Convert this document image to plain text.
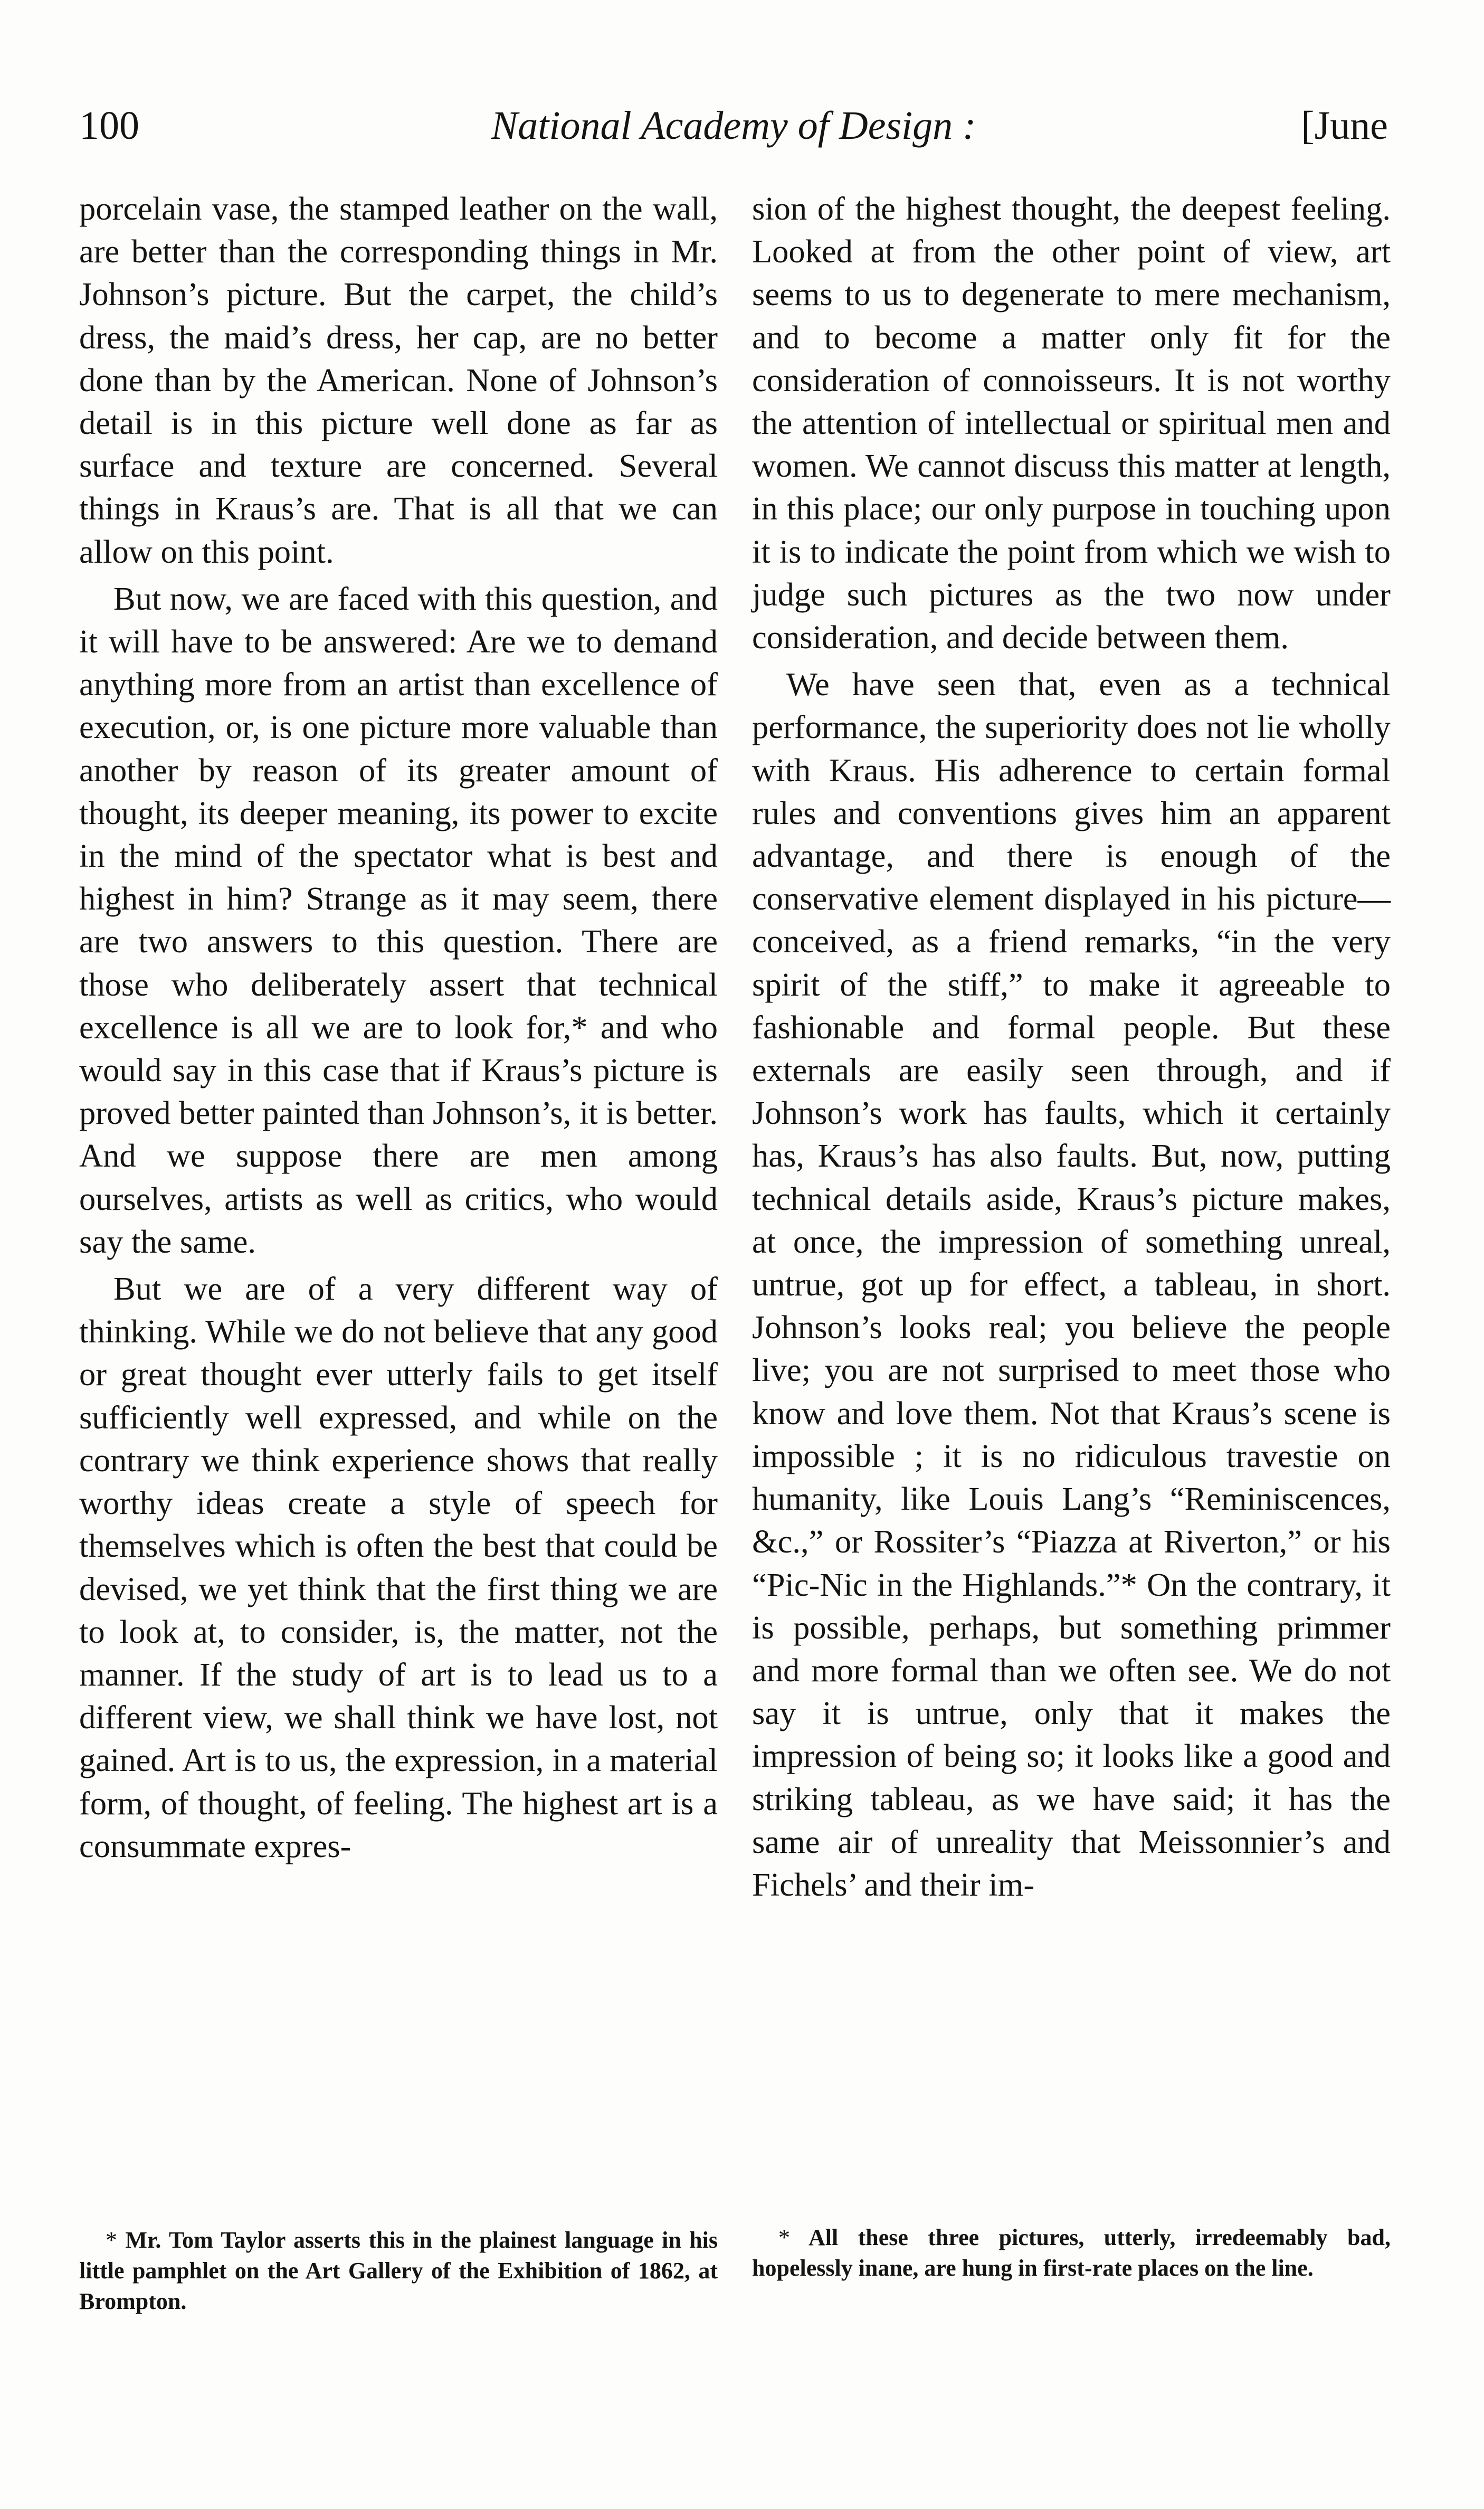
100	National Academy of Design :	[June

porcelain vase, the stamped leather on the wall, are better than the corresponding things in Mr. Johnson’s picture. But the carpet, the child’s dress, the maid’s dress, her cap, are no better done than by the American. None of Johnson’s detail is in this picture well done as far as surface and texture are concerned. Several things in Kraus’s are. That is all that we can allow on this point.

But now, we are faced with this question, and it will have to be answered: Are we to demand anything more from an artist than excellence of execution, or, is one picture more valuable than another by reason of its greater amount of thought, its deeper meaning, its power to excite in the mind of the spectator what is best and highest in him? Strange as it may seem, there are two answers to this question. There are those who deliberately assert that technical excellence is all we are to look for,* and who would say in this case that if Kraus’s picture is proved better painted than Johnson’s, it is better. And we suppose there are men among ourselves, artists as well as critics, who would say the same.

But we are of a very different way of thinking. While we do not believe that any good or great thought ever utterly fails to get itself sufficiently well expressed, and while on the contrary we think experience shows that really worthy ideas create a style of speech for themselves which is often the best that could be devised, we yet think that the first thing we are to look at, to consider, is, the matter, not the manner. If the study of art is to lead us to a different view, we shall think we have lost, not gained. Art is to us, the expression, in a material form, of thought, of feeling. The highest art is a consummate expres-

sion of the highest thought, the deepest feeling. Looked at from the other point of view, art seems to us to degenerate to mere mechanism, and to become a matter only fit for the consideration of connoisseurs. It is not worthy the attention of intellectual or spiritual men and women. We cannot discuss this matter at length, in this place; our only purpose in touching upon it is to indicate the point from which we wish to judge such pictures as the two now under consideration, and decide between them.

We have seen that, even as a technical performance, the superiority does not lie wholly with Kraus. His adherence to certain formal rules and conventions gives him an apparent advantage, and there is enough of the conservative element displayed in his picture—conceived, as a friend remarks, “in the very spirit of the stiff,” to make it agreeable to fashionable and formal people. But these externals are easily seen through, and if Johnson’s work has faults, which it certainly has, Kraus’s has also faults. But, now, putting technical details aside, Kraus’s picture makes, at once, the impression of something unreal, untrue, got up for effect, a tableau, in short. Johnson’s looks real; you believe the people live; you are not surprised to meet those who know and love them. Not that Kraus’s scene is impossible ; it is no ridiculous travestie on humanity, like Louis Lang’s “Reminiscences, &c.,” or Rossiter’s “Piazza at Riverton,” or his “Pic-Nic in the Highlands.”* On the contrary, it is possible, perhaps, but something primmer and more formal than we often see. We do not say it is untrue, only that it makes the impression of being so; it looks like a good and striking tableau, as we have said; it has the same air of unreality that Meissonnier’s and Fichels’ and their im-

* Mr. Tom Taylor asserts this in the plainest language in his little pamphlet on the Art Gallery of the Exhibition of 1862, at Brompton.

* All these three pictures, utterly, irredeemably bad, hopelessly inane, are hung in first-rate places on the line.
